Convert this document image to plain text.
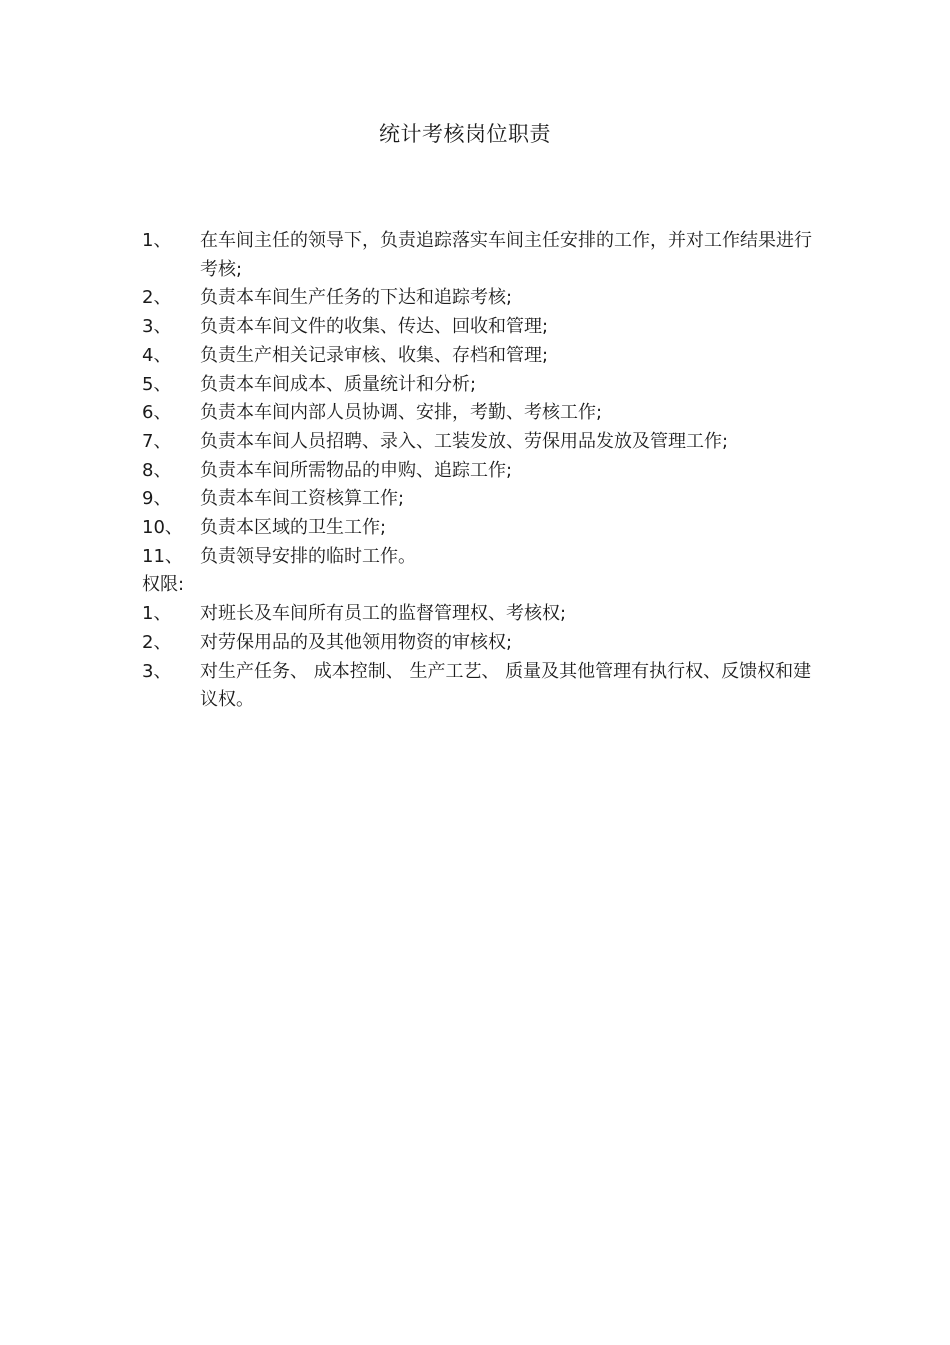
统计考核岗位职责
1、	在车间主任的领导下，负责追踪落实车间主任安排的工作，并对工作结果进行考核;
2、	负责本车间生产任务的下达和追踪考核;
3、	负责本车间文件的收集、传达、回收和管理;
4、	负责生产相关记录审核、收集、存档和管理;
5、	负责本车间成本、质量统计和分析;
6、	负责本车间内部人员协调、安排，考勤、考核工作;
7、	负责本车间人员招聘、录入、工装发放、劳保用品发放及管理工作;
8、	负责本车间所需物品的申购、追踪工作;
9、	负责本车间工资核算工作;
10、 负责本区域的卫生工作;
11、 负责领导安排的临时工作。
权限:
1、	对班长及车间所有员工的监督管理权、考核权;
2、	对劳保用品的及其他领用物资的审核权;
3、	对生产任务、 成本控制、 生产工艺、 质量及其他管理有执行权、反馈权和建议权。
